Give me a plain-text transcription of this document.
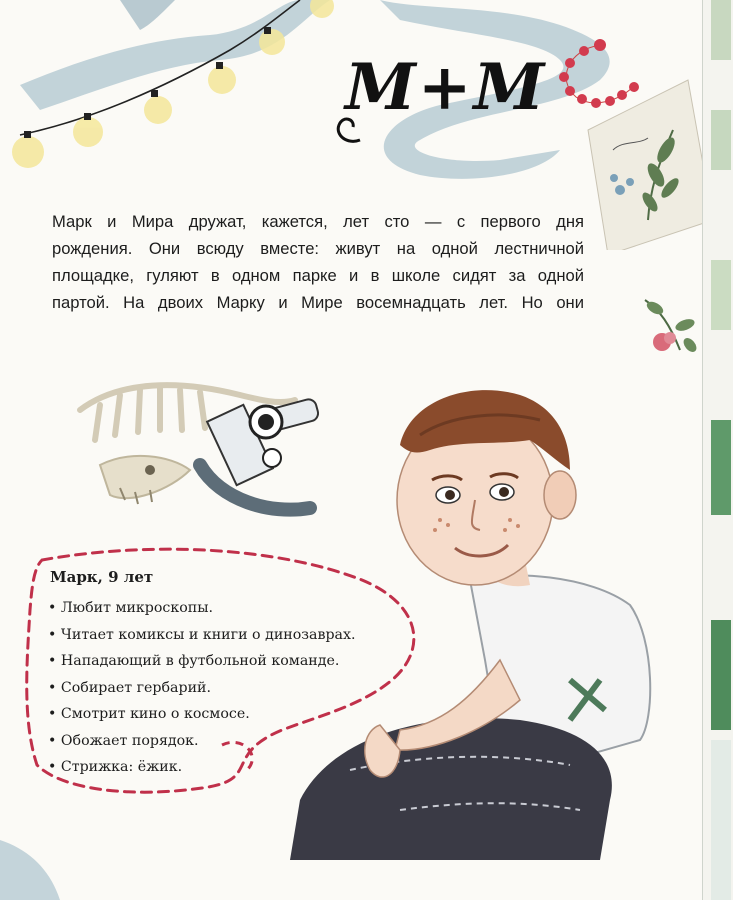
M+M
Марк и Мира дружат, кажется, лет сто — с первого дня
рождения. Они всюду вместе: живут на одной лестничной
площадке, гуляют в одном парке и в школе сидят за одной
партой. На двоих Марку и Мире восемнадцать лет. Но они
Марк, 9 лет
• Любит микроскопы.
• Читает комиксы и книги о динозаврах.
• Нападающий в футбольной команде.
• Собирает гербарий.
• Смотрит кино о космосе.
• Обожает порядок.
• Стрижка: ёжик.
